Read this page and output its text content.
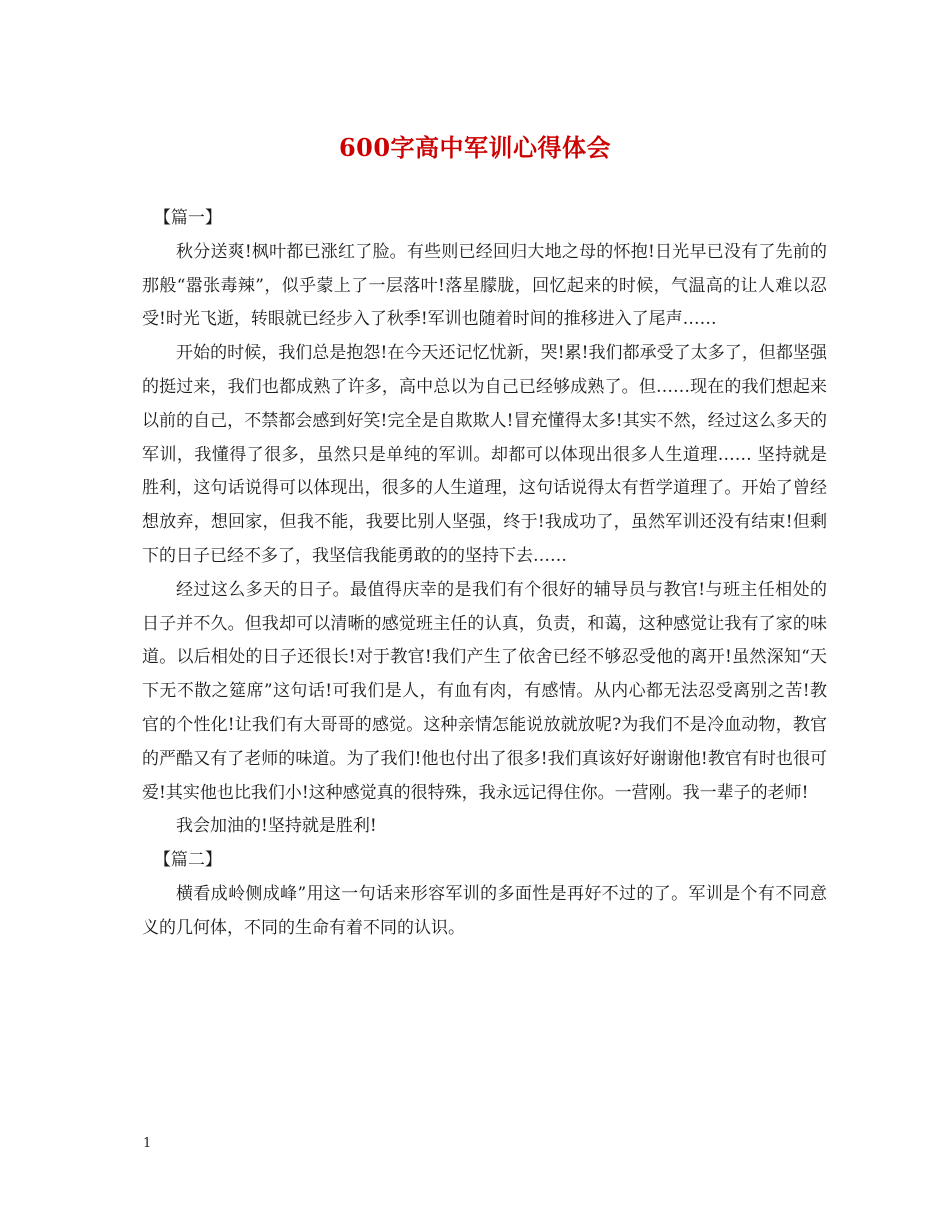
600字高中军训心得体会

【篇一】

秋分送爽!枫叶都已涨红了脸。有些则已经回归大地之母的怀抱!日光早已没有了先前的那般“嚣张毒辣”，似乎蒙上了一层落叶!落星朦胧，回忆起来的时候，气温高的让人难以忍受!时光飞逝，转眼就已经步入了秋季!军训也随着时间的推移进入了尾声……

开始的时候，我们总是抱怨!在今天还记忆忧新，哭!累!我们都承受了太多了，但都坚强的挺过来，我们也都成熟了许多，高中总以为自己已经够成熟了。但……现在的我们想起来以前的自己，不禁都会感到好笑!完全是自欺欺人!冒充懂得太多!其实不然，经过这么多天的军训，我懂得了很多，虽然只是单纯的军训。却都可以体现出很多人生道理…… 坚持就是胜利，这句话说得可以体现出，很多的人生道理，这句话说得太有哲学道理了。开始了曾经想放弃，想回家，但我不能，我要比别人坚强，终于!我成功了，虽然军训还没有结束!但剩下的日子已经不多了，我坚信我能勇敢的的坚持下去……

经过这么多天的日子。最值得庆幸的是我们有个很好的辅导员与教官!与班主任相处的日子并不久。但我却可以清晰的感觉班主任的认真，负责，和蔼，这种感觉让我有了家的味道。以后相处的日子还很长!对于教官!我们产生了依舍已经不够忍受他的离开!虽然深知“天下无不散之筵席”这句话!可我们是人，有血有肉，有感情。从内心都无法忍受离别之苦!教官的个性化!让我们有大哥哥的感觉。这种亲情怎能说放就放呢?为我们不是冷血动物，教官的严酷又有了老师的味道。为了我们!他也付出了很多!我们真该好好谢谢他!教官有时也很可爱!其实他也比我们小!这种感觉真的很特殊，我永远记得住你。一营刚。我一辈子的老师!

我会加油的!坚持就是胜利!

【篇二】

横看成岭侧成峰”用这一句话来形容军训的多面性是再好不过的了。军训是个有不同意义的几何体，不同的生命有着不同的认识。

1
